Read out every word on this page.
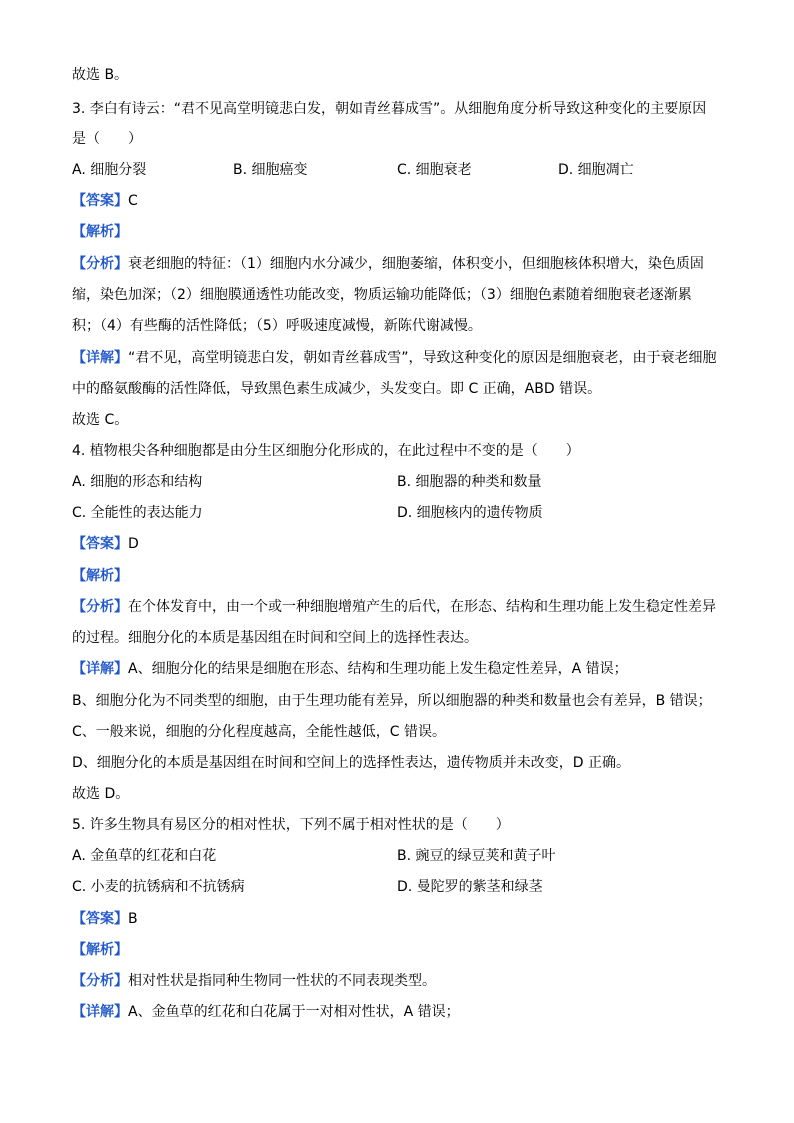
故选 B。
3. 李白有诗云：“君不见高堂明镜悲白发，朝如青丝暮成雪”。从细胞角度分析导致这种变化的主要原因
是（　　）
A. 细胞分裂	B. 细胞癌变	C. 细胞衰老	D. 细胞凋亡
【答案】C
【解析】
【分析】衰老细胞的特征：（1）细胞内水分减少，细胞萎缩，体积变小，但细胞核体积增大，染色质固
缩，染色加深；（2）细胞膜通透性功能改变，物质运输功能降低；（3）细胞色素随着细胞衰老逐渐累
积；（4）有些酶的活性降低；（5）呼吸速度减慢，新陈代谢减慢。
【详解】“君不见，高堂明镜悲白发，朝如青丝暮成雪”，导致这种变化的原因是细胞衰老，由于衰老细胞
中的酪氨酸酶的活性降低，导致黑色素生成减少，头发变白。即 C 正确，ABD 错误。
故选 C。
4. 植物根尖各种细胞都是由分生区细胞分化形成的，在此过程中不变的是（　　）
A. 细胞的形态和结构	B. 细胞器的种类和数量
C. 全能性的表达能力	D. 细胞核内的遗传物质
【答案】D
【解析】
【分析】在个体发育中，由一个或一种细胞增殖产生的后代，在形态、结构和生理功能上发生稳定性差异
的过程。细胞分化的本质是基因组在时间和空间上的选择性表达。
【详解】A、细胞分化的结果是细胞在形态、结构和生理功能上发生稳定性差异，A 错误；
B、细胞分化为不同类型的细胞，由于生理功能有差异，所以细胞器的种类和数量也会有差异，B 错误；
C、一般来说，细胞的分化程度越高，全能性越低，C 错误。
D、细胞分化的本质是基因组在时间和空间上的选择性表达，遗传物质并未改变，D 正确。
故选 D。
5. 许多生物具有易区分的相对性状，下列不属于相对性状的是（　　）
A. 金鱼草的红花和白花	B. 豌豆的绿豆荚和黄子叶
C. 小麦的抗锈病和不抗锈病	D. 曼陀罗的紫茎和绿茎
【答案】B
【解析】
【分析】相对性状是指同种生物同一性状的不同表现类型。
【详解】A、金鱼草的红花和白花属于一对相对性状，A 错误；
